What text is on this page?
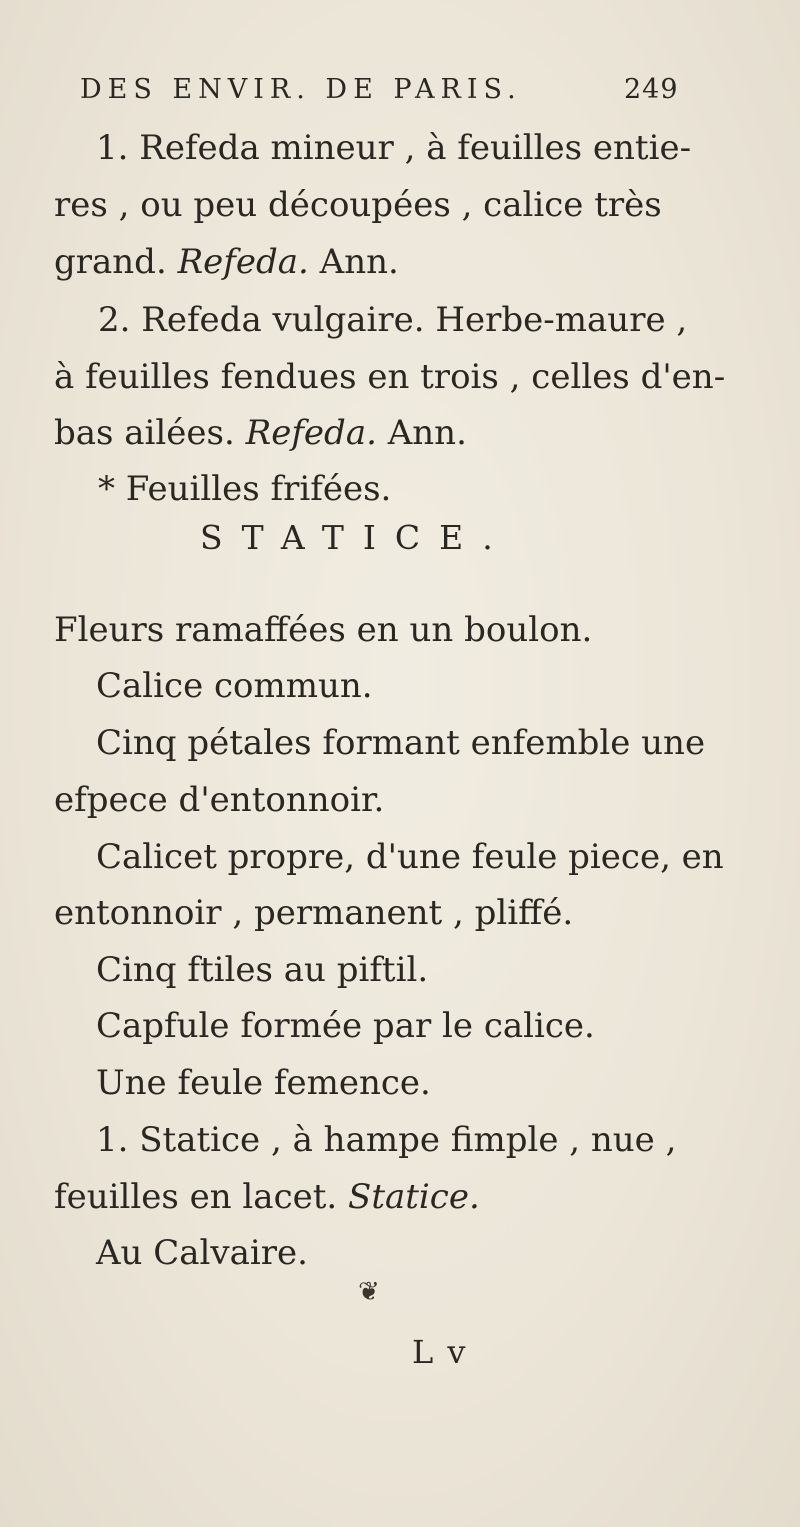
DES ENVIR. DE PARIS.	249
1. Refeda mineur , à feuilles entie-
res , ou peu découpées , calice très
grand. Refeda. Ann.
2. Refeda vulgaire. Herbe-maure ,
à feuilles fendues en trois , celles d'en-
bas ailées. Refeda. Ann.
* Feuilles frifées.
STATICE.
Fleurs ramaffées en un boulon.
Calice commun.
Cinq pétales formant enfemble une
efpece d'entonnoir.
Calicet propre, d'une feule piece, en
entonnoir , permanent , pliffé.
Cinq ftiles au piftil.
Capfule formée par le calice.
Une feule femence.
1. Statice , à hampe fimple , nue ,
feuilles en lacet. Statice.
Au Calvaire.
❦
L v
